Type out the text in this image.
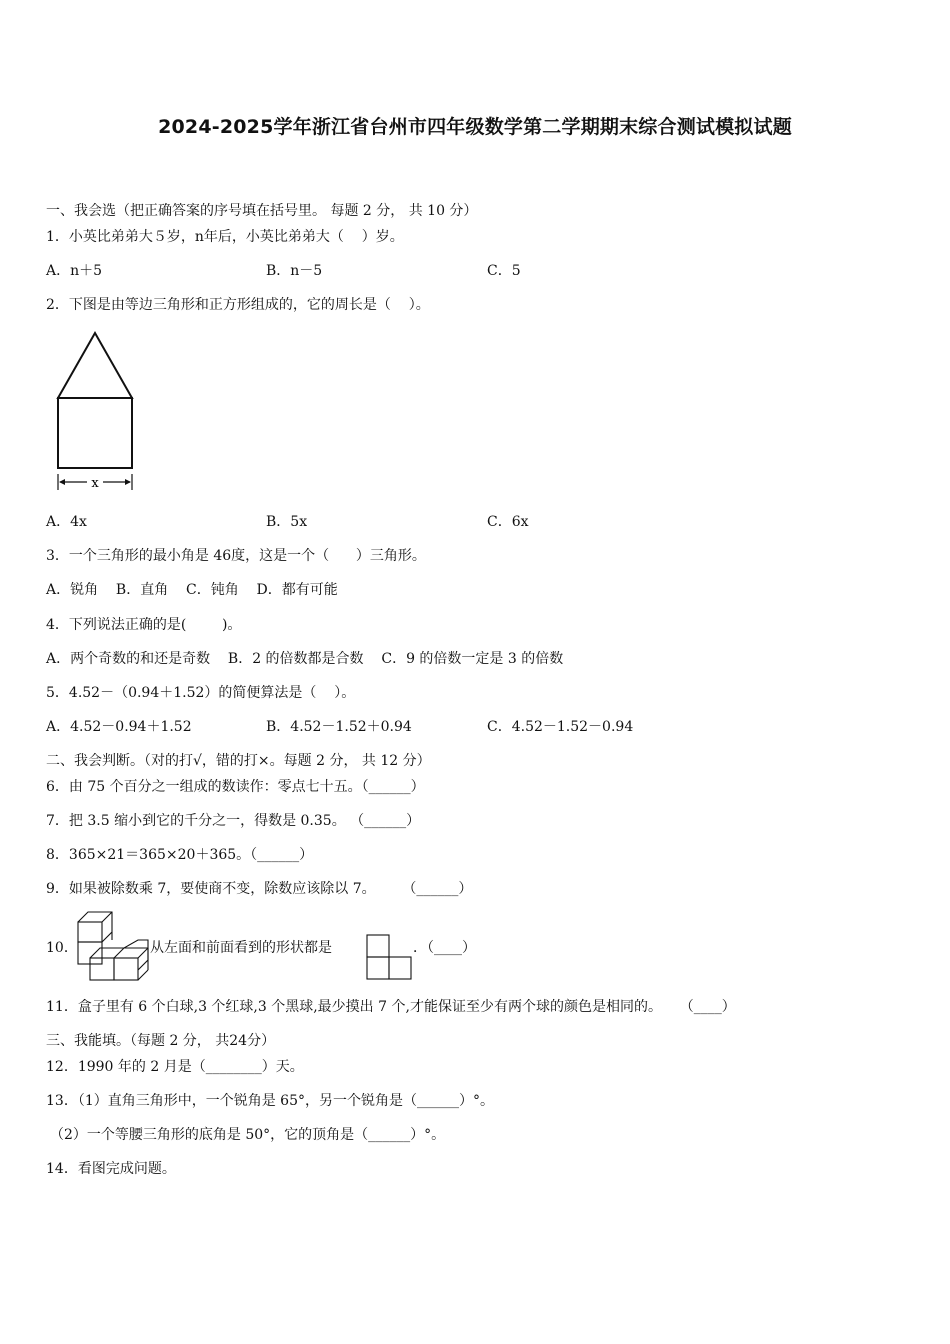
2024-2025学年浙江省台州市四年级数学第二学期期末综合测试模拟试题
一、我会选（把正确答案的序号填在括号里。 每题 2 分， 共 10 分）
1．小英比弟弟大５岁，n年后，小英比弟弟大（    ）岁。
A．n＋5	B．n－5	C．5
2．下图是由等边三角形和正方形组成的，它的周长是（    ）。
x
A．4x	B．5x	C．6x
3．一个三角形的最小角是 46度，这是一个（      ）三角形。
A．锐角    B．直角    C．钝角    D．都有可能
4．下列说法正确的是(        )。
A．两个奇数的和还是奇数    B．2 的倍数都是合数    C．9 的倍数一定是 3 的倍数
5．4.52－（0.94＋1.52）的简便算法是（    ）。
A．4.52－0.94＋1.52	B．4.52－1.52＋0.94	C．4.52－1.52－0.94
二、我会判断。（对的打√，错的打×。每题 2 分， 共 12 分）
6．由 75 个百分之一组成的数读作：零点七十五。（______）
7．把 3.5 缩小到它的千分之一，得数是 0.35。 （______）
8．365×21＝365×20＋365。（______）
9．如果被除数乘 7，要使商不变，除数应该除以 7。      （______）
10．	从左面和前面看到的形状都是	．（____）
11．盒子里有 6 个白球,3 个红球,3 个黑球,最少摸出 7 个,才能保证至少有两个球的颜色是相同的。    （____）
三、我能填。（每题 2 分， 共24分）
12．1990 年的 2 月是（________）天。
13．（1）直角三角形中，一个锐角是 65°，另一个锐角是（______）°。
（2）一个等腰三角形的底角是 50°，它的顶角是（______）°。
14．看图完成问题。
